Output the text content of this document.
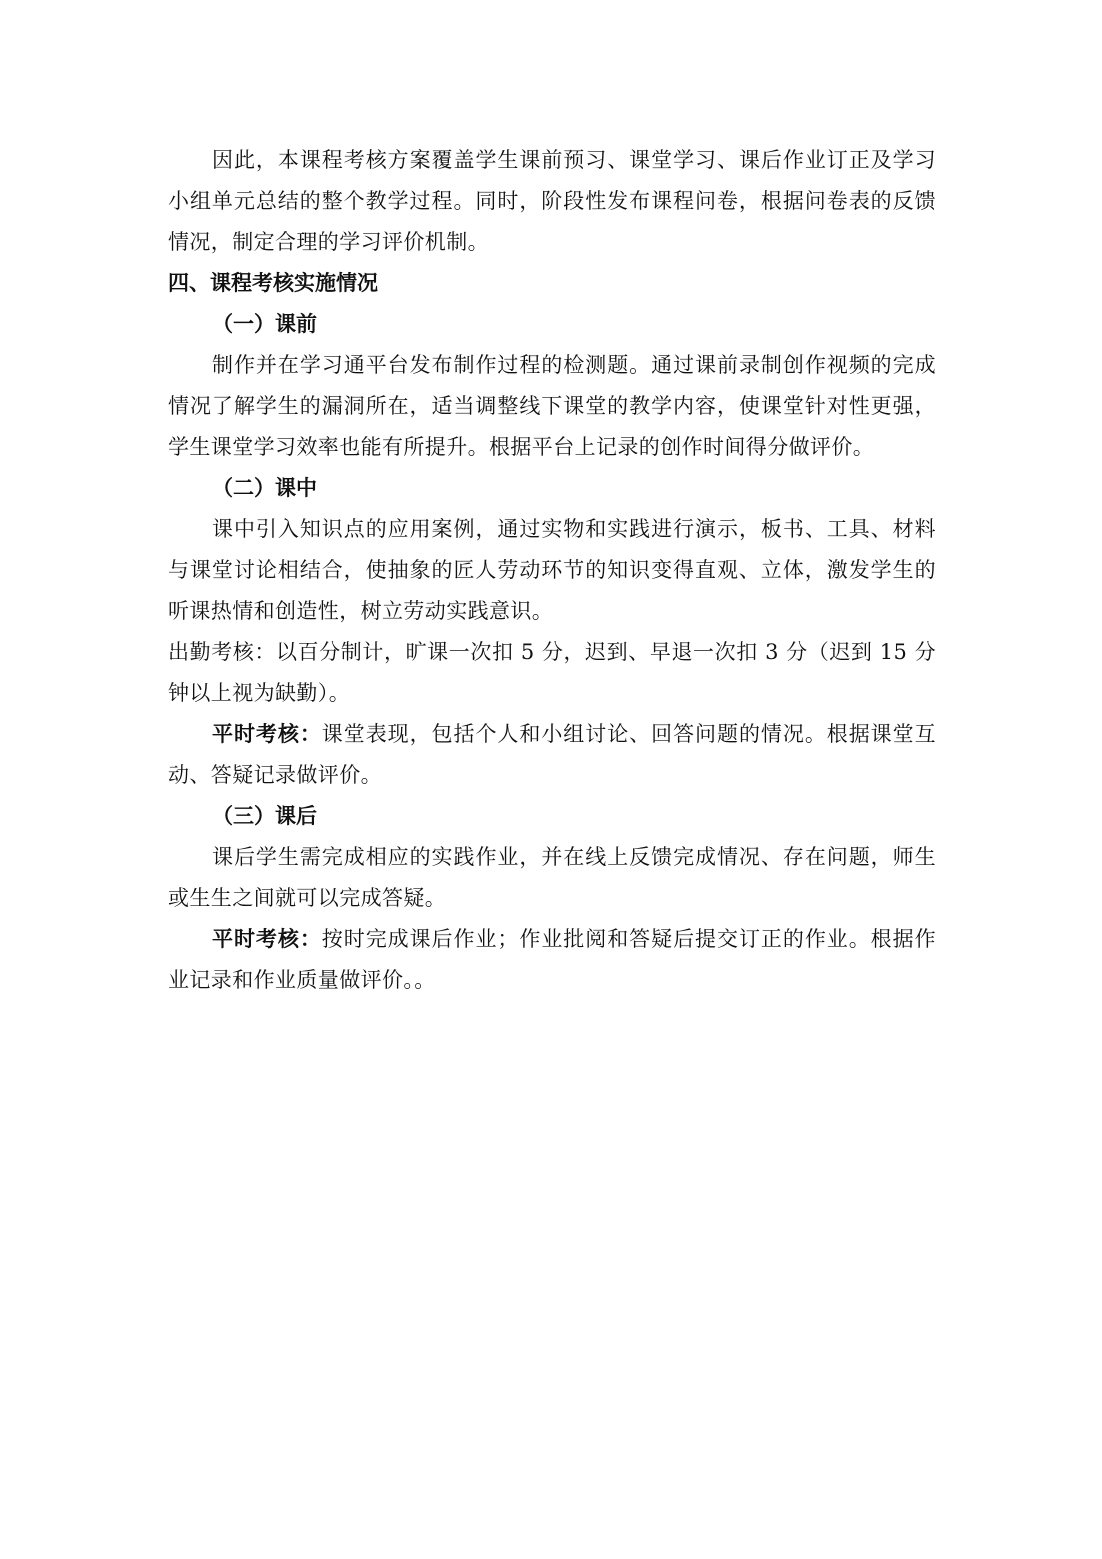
因此，本课程考核方案覆盖学生课前预习、课堂学习、课后作业订正及学习小组单元总结的整个教学过程。同时，阶段性发布课程问卷，根据问卷表的反馈情况，制定合理的学习评价机制。

四、课程考核实施情况

（一）课前

制作并在学习通平台发布制作过程的检测题。通过课前录制创作视频的完成情况了解学生的漏洞所在，适当调整线下课堂的教学内容，使课堂针对性更强，学生课堂学习效率也能有所提升。根据平台上记录的创作时间得分做评价。

（二）课中

课中引入知识点的应用案例，通过实物和实践进行演示，板书、工具、材料与课堂讨论相结合，使抽象的匠人劳动环节的知识变得直观、立体，激发学生的听课热情和创造性，树立劳动实践意识。

出勤考核：以百分制计，旷课一次扣 5 分，迟到、早退一次扣 3 分（迟到 15 分钟以上视为缺勤）。

平时考核：课堂表现，包括个人和小组讨论、回答问题的情况。根据课堂互动、答疑记录做评价。

（三）课后

课后学生需完成相应的实践作业，并在线上反馈完成情况、存在问题，师生或生生之间就可以完成答疑。

平时考核：按时完成课后作业；作业批阅和答疑后提交订正的作业。根据作业记录和作业质量做评价。。
